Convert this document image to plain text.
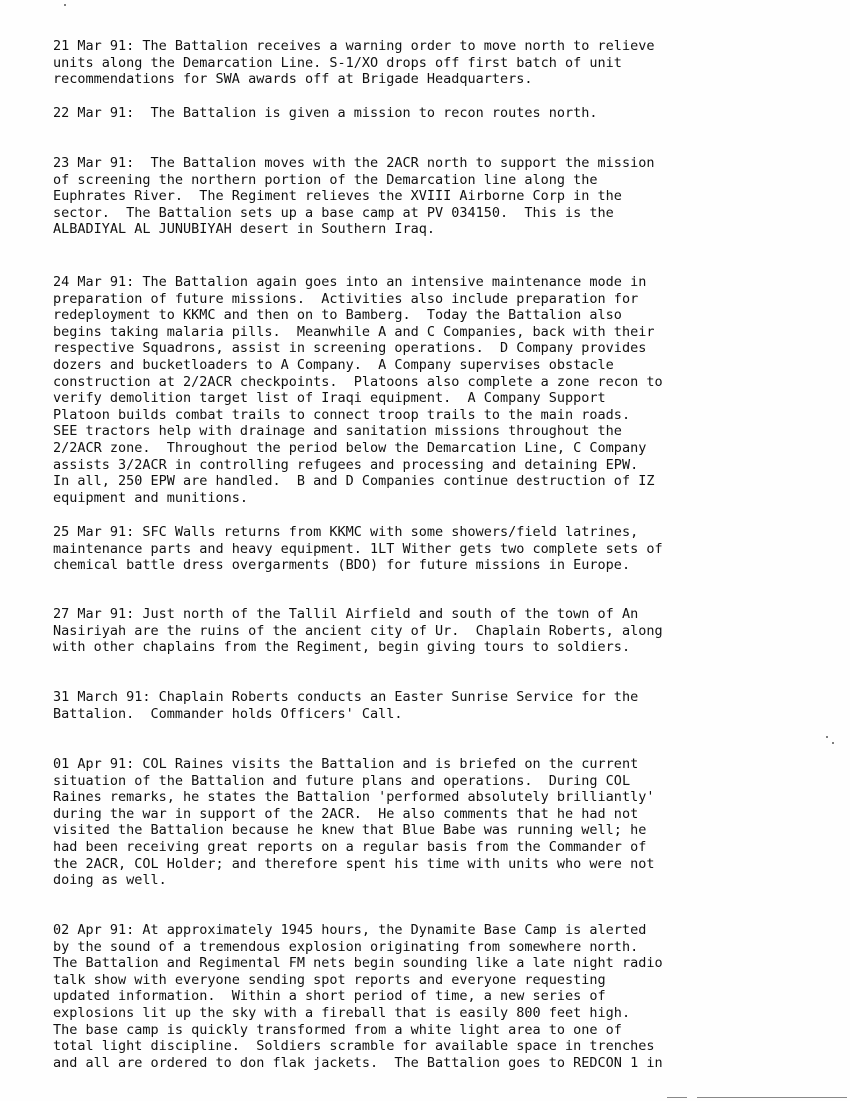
21 Mar 91: The Battalion receives a warning order to move north to relieve
units along the Demarcation Line. S-1/XO drops off first batch of unit
recommendations for SWA awards off at Brigade Headquarters.

22 Mar 91:  The Battalion is given a mission to recon routes north.

23 Mar 91:  The Battalion moves with the 2ACR north to support the mission
of screening the northern portion of the Demarcation line along the
Euphrates River.  The Regiment relieves the XVIII Airborne Corp in the
sector.  The Battalion sets up a base camp at PV 034150.  This is the
ALBADIYAL AL JUNUBIYAH desert in Southern Iraq.

24 Mar 91: The Battalion again goes into an intensive maintenance mode in
preparation of future missions.  Activities also include preparation for
redeployment to KKMC and then on to Bamberg.  Today the Battalion also
begins taking malaria pills.  Meanwhile A and C Companies, back with their
respective Squadrons, assist in screening operations.  D Company provides
dozers and bucketloaders to A Company.  A Company supervises obstacle
construction at 2/2ACR checkpoints.  Platoons also complete a zone recon to
verify demolition target list of Iraqi equipment.  A Company Support
Platoon builds combat trails to connect troop trails to the main roads.
SEE tractors help with drainage and sanitation missions throughout the
2/2ACR zone.  Throughout the period below the Demarcation Line, C Company
assists 3/2ACR in controlling refugees and processing and detaining EPW.
In all, 250 EPW are handled.  B and D Companies continue destruction of IZ
equipment and munitions.

25 Mar 91: SFC Walls returns from KKMC with some showers/field latrines,
maintenance parts and heavy equipment. 1LT Wither gets two complete sets of
chemical battle dress overgarments (BDO) for future missions in Europe.

27 Mar 91: Just north of the Tallil Airfield and south of the town of An
Nasiriyah are the ruins of the ancient city of Ur.  Chaplain Roberts, along
with other chaplains from the Regiment, begin giving tours to soldiers.

31 March 91: Chaplain Roberts conducts an Easter Sunrise Service for the
Battalion.  Commander holds Officers' Call.

01 Apr 91: COL Raines visits the Battalion and is briefed on the current
situation of the Battalion and future plans and operations.  During COL
Raines remarks, he states the Battalion 'performed absolutely brilliantly'
during the war in support of the 2ACR.  He also comments that he had not
visited the Battalion because he knew that Blue Babe was running well; he
had been receiving great reports on a regular basis from the Commander of
the 2ACR, COL Holder; and therefore spent his time with units who were not
doing as well.

02 Apr 91: At approximately 1945 hours, the Dynamite Base Camp is alerted
by the sound of a tremendous explosion originating from somewhere north.
The Battalion and Regimental FM nets begin sounding like a late night radio
talk show with everyone sending spot reports and everyone requesting
updated information.  Within a short period of time, a new series of
explosions lit up the sky with a fireball that is easily 800 feet high.
The base camp is quickly transformed from a white light area to one of
total light discipline.  Soldiers scramble for available space in trenches
and all are ordered to don flak jackets.  The Battalion goes to REDCON 1 in
